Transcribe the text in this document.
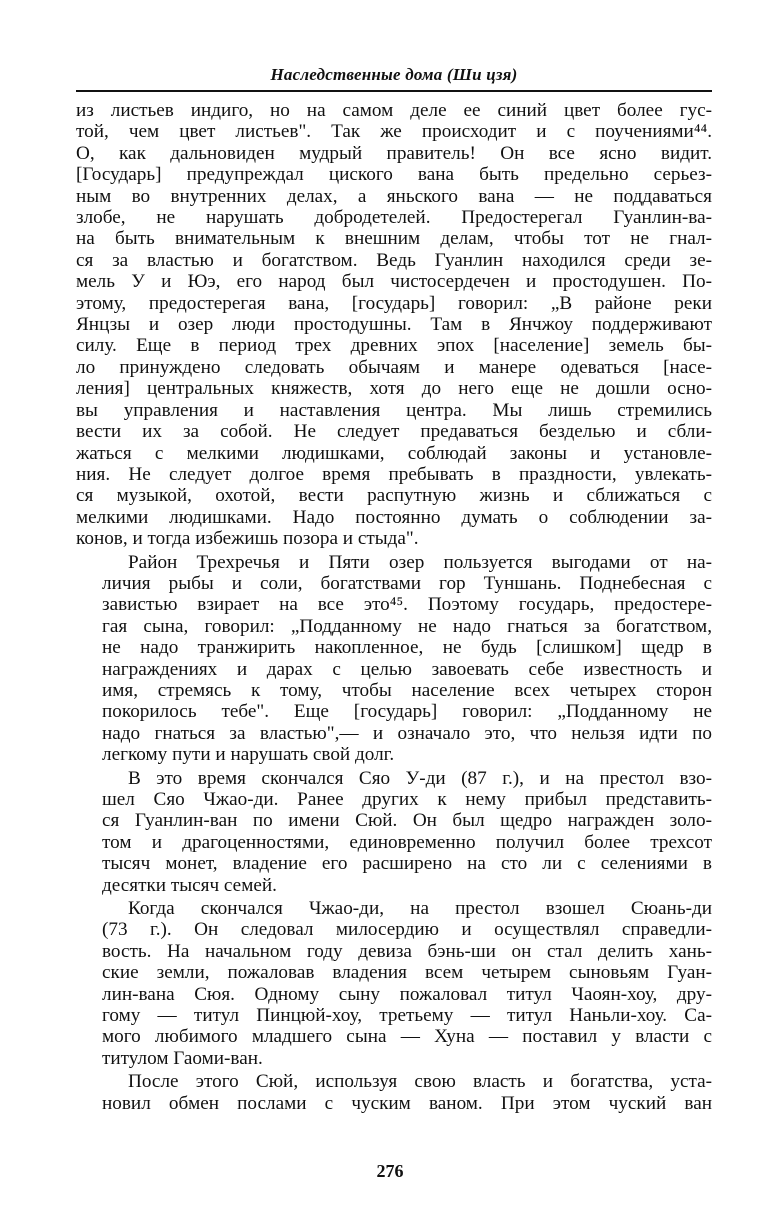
Наследственные дома (Ши цзя)
из листьев индиго, но на самом деле ее синий цвет более гус-
той, чем цвет листьев". Так же происходит и с поучениями⁴⁴.
О, как дальновиден мудрый правитель! Он все ясно видит.
[Государь] предупреждал циского вана быть предельно серьез-
ным во внутренних делах, а яньского вана — не поддаваться
злобе, не нарушать добродетелей. Предостерегал Гуанлин-ва-
на быть внимательным к внешним делам, чтобы тот не гнал-
ся за властью и богатством. Ведь Гуанлин находился среди зе-
мель У и Юэ, его народ был чистосердечен и простодушен. По-
этому, предостерегая вана, [государь] говорил: „В районе реки
Янцзы и озер люди простодушны. Там в Янчжоу поддерживают
силу. Еще в период трех древних эпох [население] земель бы-
ло принуждено следовать обычаям и манере одеваться [насе-
ления] центральных княжеств, хотя до него еще не дошли осно-
вы управления и наставления центра. Мы лишь стремились
вести их за собой. Не следует предаваться безделью и сбли-
жаться с мелкими людишками, соблюдай законы и установле-
ния. Не следует долгое время пребывать в праздности, увлекать-
ся музыкой, охотой, вести распутную жизнь и сближаться с
мелкими людишками. Надо постоянно думать о соблюдении за-
конов, и тогда избежишь позора и стыда".
Район Трехречья и Пяти озер пользуется выгодами от на-
личия рыбы и соли, богатствами гор Туншань. Поднебесная с
завистью взирает на все это⁴⁵. Поэтому государь, предостере-
гая сына, говорил: „Подданному не надо гнаться за богатством,
не надо транжирить накопленное, не будь [слишком] щедр в
награждениях и дарах с целью завоевать себе известность и
имя, стремясь к тому, чтобы население всех четырех сторон
покорилось тебе". Еще [государь] говорил: „Подданному не
надо гнаться за властью",— и означало это, что нельзя идти по
легкому пути и нарушать свой долг.
В это время скончался Сяо У-ди (87 г.), и на престол взо-
шел Сяо Чжао-ди. Ранее других к нему прибыл представить-
ся Гуанлин-ван по имени Сюй. Он был щедро награжден золо-
том и драгоценностями, единовременно получил более трехсот
тысяч монет, владение его расширено на сто ли с селениями в
десятки тысяч семей.
Когда скончался Чжао-ди, на престол взошел Сюань-ди
(73 г.). Он следовал милосердию и осуществлял справедли-
вость. На начальном году девиза бэнь-ши он стал делить хань-
ские земли, пожаловав владения всем четырем сыновьям Гуан-
лин-вана Сюя. Одному сыну пожаловал титул Чаоян-хоу, дру-
гому — титул Пинцюй-хоу, третьему — титул Наньли-хоу. Са-
мого любимого младшего сына — Хуна — поставил у власти с
титулом Гаоми-ван.
После этого Сюй, используя свою власть и богатства, уста-
новил обмен послами с чуским ваном. При этом чуский ван
276
